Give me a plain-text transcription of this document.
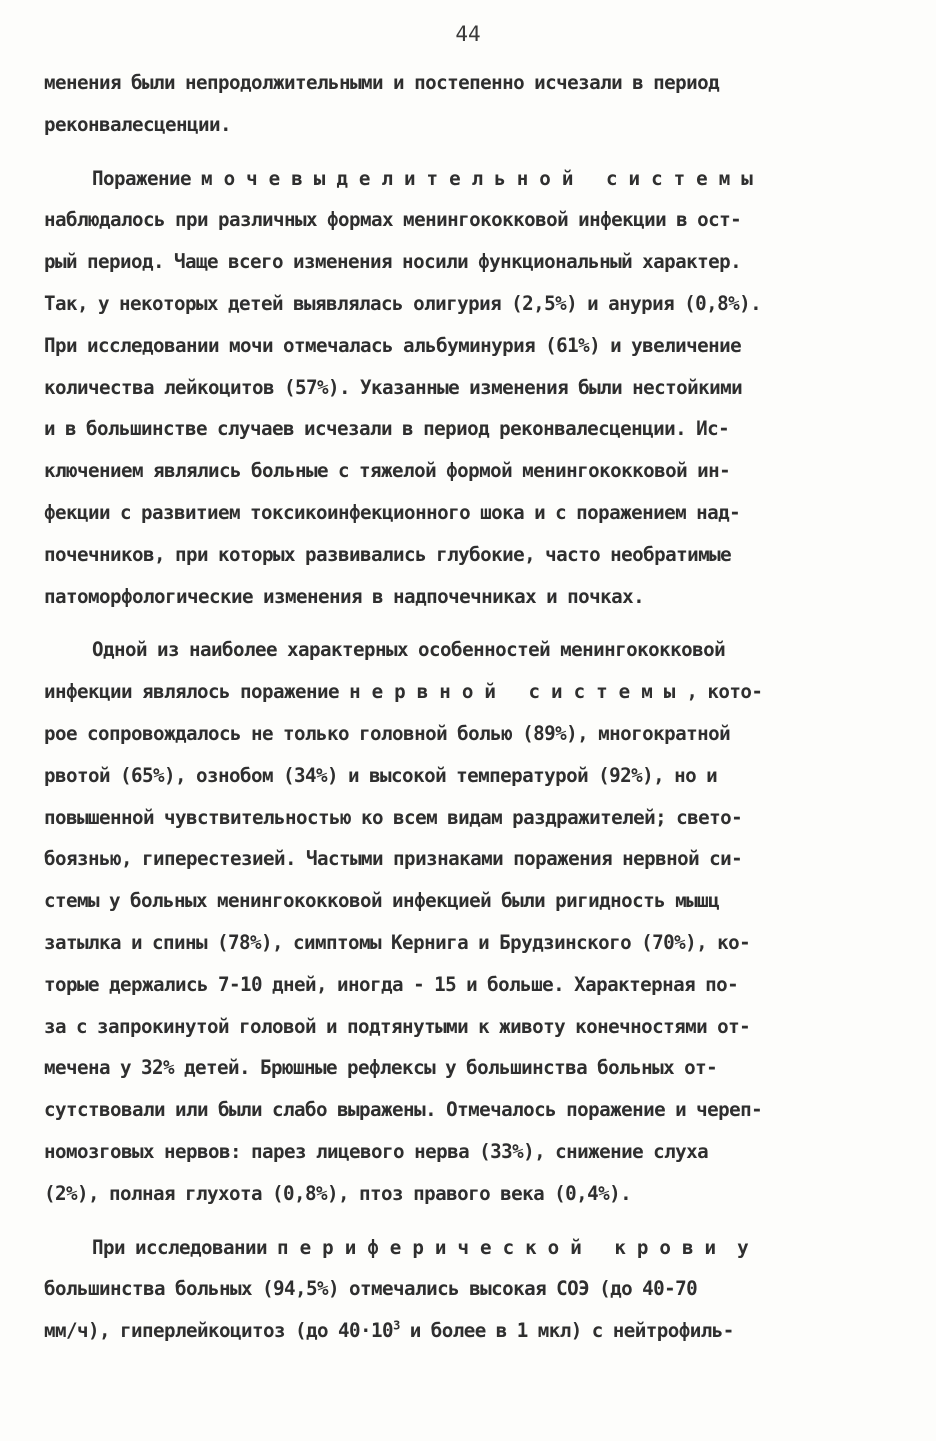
44
менения были непродолжительными и постепенно исчезали в период
реконвалесценции.
Поражение мочевыделительной системы
наблюдалось при различных формах менингококковой инфекции в ост-
рый период. Чаще всего изменения носили функциональный характер.
Так, у некоторых детей выявлялась олигурия (2,5%) и анурия (0,8%).
При исследовании мочи отмечалась альбуминурия (61%) и увеличение
количества лейкоцитов (57%). Указанные изменения были нестойкими
и в большинстве случаев исчезали в период реконвалесценции. Ис-
ключением являлись больные с тяжелой формой менингококковой ин-
фекции с развитием токсикоинфекционного шока и с поражением над-
почечников, при которых развивались глубокие, часто необратимые
патоморфологические изменения в надпочечниках и почках.
Одной из наиболее характерных особенностей менингококковой
инфекции являлось поражение нервной системы, кото-
рое сопровождалось не только головной болью (89%), многократной
рвотой (65%), ознобом (34%) и высокой температурой (92%), но и
повышенной чувствительностью ко всем видам раздражителей; свето-
боязнью, гиперестезией. Частыми признаками поражения нервной си-
стемы у больных менингококковой инфекцией были ригидность мышц
затылка и спины (78%), симптомы Кернига и Брудзинского (70%), ко-
торые держались 7-10 дней, иногда - 15 и больше. Характерная по-
за с запрокинутой головой и подтянутыми к животу конечностями от-
мечена у 32% детей. Брюшные рефлексы у большинства больных от-
сутствовали или были слабо выражены. Отмечалось поражение и череп-
номозговых нервов: парез лицевого нерва (33%), снижение слуха
(2%), полная глухота (0,8%), птоз правого века (0,4%).
При исследовании периферической крови у
большинства больных (94,5%) отмечались высокая СОЭ (до 40-70
мм/ч), гиперлейкоцитоз (до $40\cdot 10^3$ и более в 1 мкл) с нейтрофиль-
